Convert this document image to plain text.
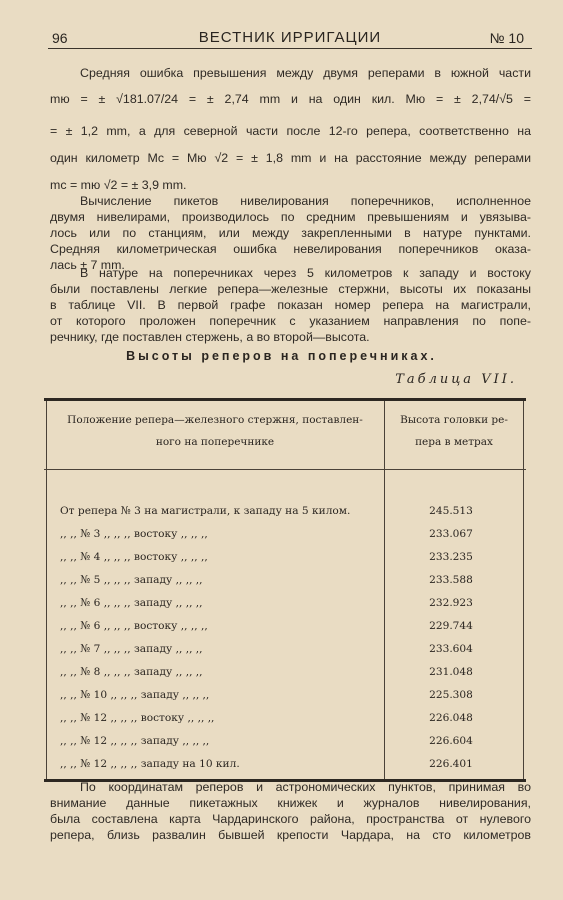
96	ВЕСТНИК ИРРИГАЦИИ	№ 10
Средняя ошибка превышения между двумя реперами в южной части
mю = ± √181.07/24 = ± 2,74 mm и на один кил. Mю = ± 2,74/√5 =
= ± 1,2 mm, а для северной части после 12-го репера, соответственно на
один километр Mс = Mю √2 = ± 1,8 mm и на расстояние между реперами
mс = mю √2 = ± 3,9 mm.
Вычисление пикетов нивелирования поперечников, исполненное
двумя нивелирами, производилось по средним превышениям и увязыва-
лось или по станциям, или между закрепленными в натуре пунктами.
Средняя километрическая ошибка невелирования поперечников оказа-
лась ± 7 mm.
В натуре на поперечниках через 5 километров к западу и востоку
были поставлены легкие репера—железные стержни, высоты их показаны
в таблице VII. В первой графе показан номер репера на магистрали,
от которого проложен поперечник с указанием направления по попе-
речнику, где поставлен стержень, а во второй—высота.
Высоты реперов на поперечниках.
Таблица VII.
Положение репера—железного стержня, поставлен-
ного на поперечнике
Высота головки ре-
пера в метрах
От репера № 3 на магистрали, к западу на 5 килом.	245.513
,, ,, № 3 ,, ,, ,, востоку ,, ,, ,,	233.067
,, ,, № 4 ,, ,, ,, востоку ,, ,, ,,	233.235
,, ,, № 5 ,, ,, ,, западу ,, ,, ,,	233.588
,, ,, № 6 ,, ,, ,, западу ,, ,, ,,	232.923
,, ,, № 6 ,, ,, ,, востоку ,, ,, ,,	229.744
,, ,, № 7 ,, ,, ,, западу ,, ,, ,,	233.604
,, ,, № 8 ,, ,, ,, западу ,, ,, ,,	231.048
,, ,, № 10 ,, ,, ,, западу ,, ,, ,,	225.308
,, ,, № 12 ,, ,, ,, востоку ,, ,, ,,	226.048
,, ,, № 12 ,, ,, ,, западу ,, ,, ,,	226.604
,, ,, № 12 ,, ,, ,, западу на 10 кил.	226.401
По координатам реперов и астрономических пунктов, принимая во
внимание данные пикетажных книжек и журналов нивелирования,
была составлена карта Чардаринского района, пространства от нулевого
репера, близь развалин бывшей крепости Чардара, на сто километров
